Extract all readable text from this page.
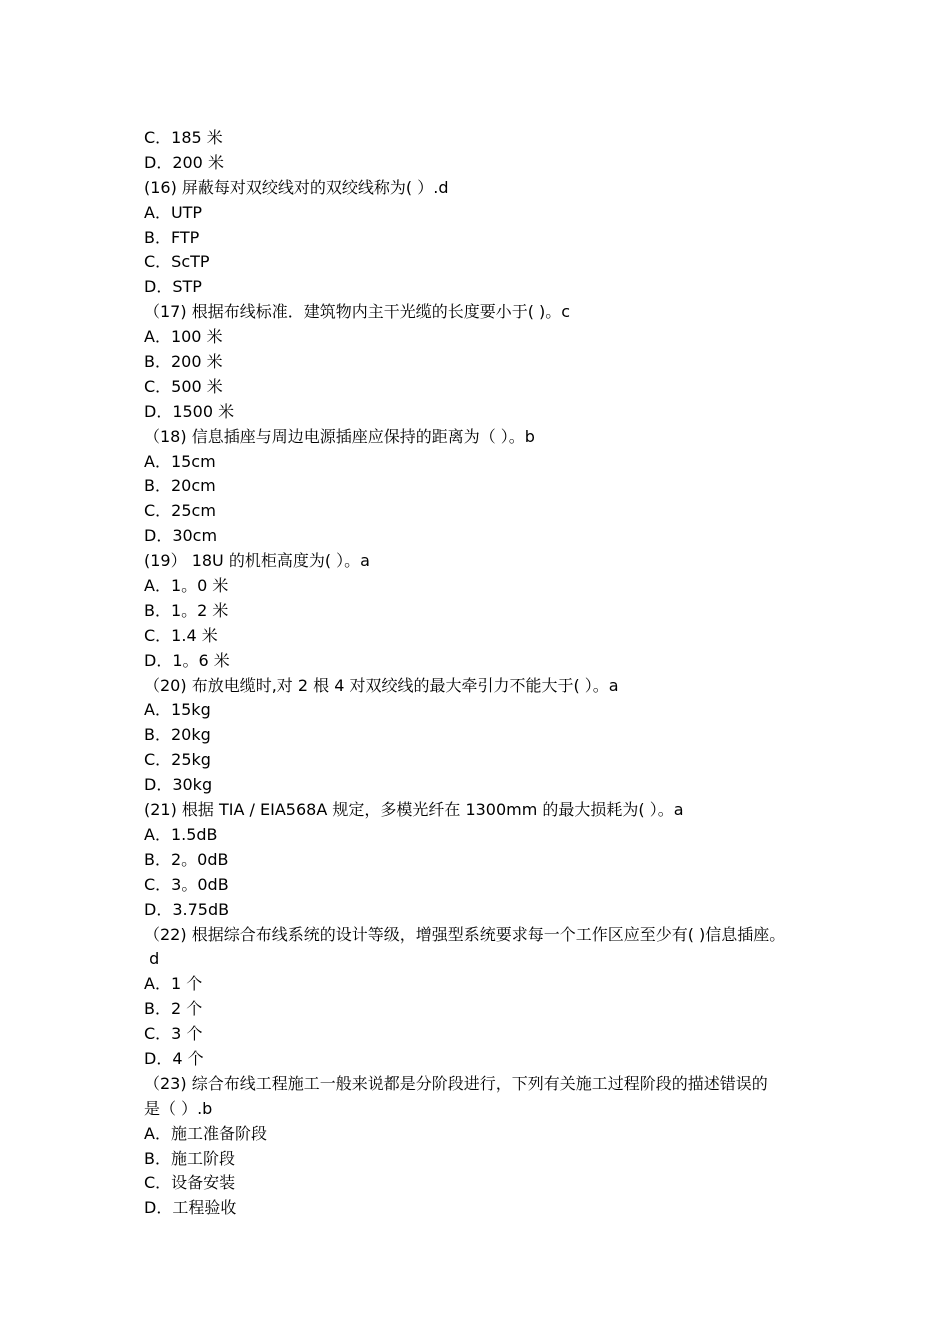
C．185 米
D．200 米
(16) 屏蔽每对双绞线对的双绞线称为( ）.d
A．UTP
B．FTP
C．ScTP
D．STP
（17) 根据布线标准．建筑物内主干光缆的长度要小于( )。c
A．100 米
B．200 米
C．500 米
D．1500 米
（18) 信息插座与周边电源插座应保持的距离为（ ）。b
A．15cm
B．20cm
C．25cm
D．30cm
(19） 18U 的机柜高度为( ）。a
A．1。0 米
B．1。2 米
C．1.4 米
D．1。6 米
（20) 布放电缆时,对 2 根 4 对双绞线的最大牵引力不能大于( ）。a
A．15kg
B．20kg
C．25kg
D．30kg
(21) 根据 TIA / EIA568A 规定，多模光纤在 1300mm 的最大损耗为( ）。a
A．1.5dB
B．2。0dB
C．3。0dB
D．3.75dB
（22) 根据综合布线系统的设计等级，增强型系统要求每一个工作区应至少有( )信息插座。
d
A．1 个
B．2 个
C．3 个
D．4 个
（23) 综合布线工程施工一般来说都是分阶段进行，下列有关施工过程阶段的描述错误的
是（ ）.b
A．施工准备阶段
B．施工阶段
C．设备安装
D．工程验收
